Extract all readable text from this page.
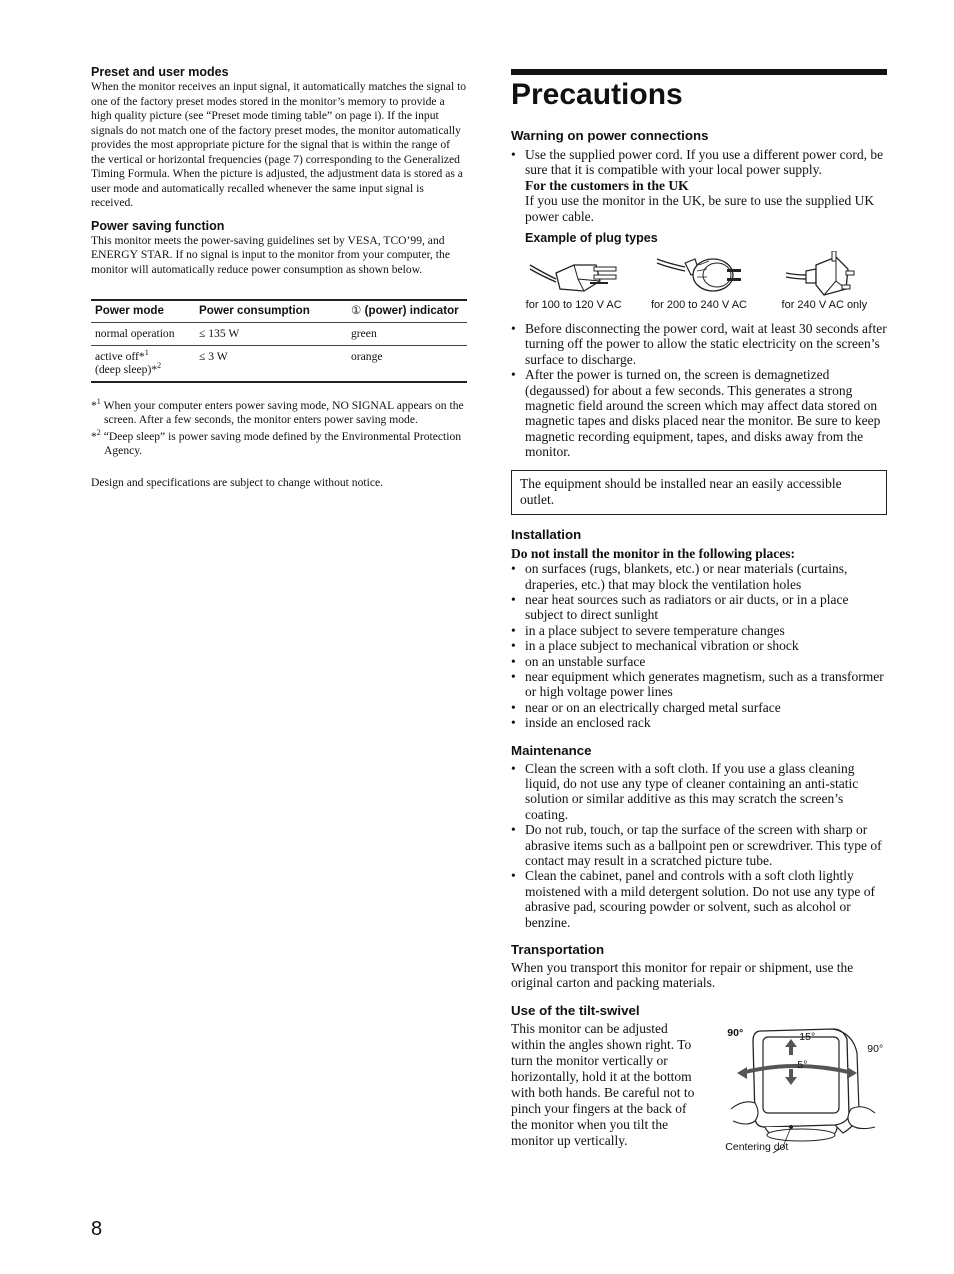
Preset and user modes

When the monitor receives an input signal, it automatically matches the signal to one of the factory preset modes stored in the monitor’s memory to provide a high quality picture (see “Preset mode timing table” on page i). If the input signals do not match one of the factory preset modes, the monitor automatically provides the most appropriate picture for the signal that is within the range of the vertical or horizontal frequencies (page 7) corresponding to the Generalized Timing Formula. When the picture is adjusted, the adjustment data is stored as a user mode and automatically recalled whenever the same input signal is received.

Power saving function

This monitor meets the power-saving guidelines set by VESA, TCO’99, and ENERGY STAR. If no signal is input to the monitor from your computer, the monitor will automatically reduce power consumption as shown below.

Power mode	Power consumption	① (power) indicator
normal operation	≤ 135 W	green
active off*$^1$
(deep sleep)*$^2$	≤ 3 W	orange

*$^1$ When your computer enters power saving mode, NO SIGNAL appears on the screen. After a few seconds, the monitor enters power saving mode.

*$^2$ “Deep sleep” is power saving mode defined by the Environmental Protection Agency.

Design and specifications are subject to change without notice.

Precautions

Warning on power connections

• Use the supplied power cord. If you use a different power cord, be sure that it is compatible with your local power supply.
For the customers in the UK
If you use the monitor in the UK, be sure to use the supplied UK power cable.

Example of plug types

for 100 to 120 V AC	for 200 to 240 V AC	for 240 V AC only
• Before disconnecting the power cord, wait at least 30 seconds after turning off the power to allow the static electricity on the screen’s surface to discharge.
• After the power is turned on, the screen is demagnetized (degaussed) for about a few seconds. This generates a strong magnetic field around the screen which may affect data stored on magnetic tapes and disks placed near the monitor. Be sure to keep magnetic recording equipment, tapes, and disks away from the monitor.
The equipment should be installed near an easily accessible outlet.

Installation

Do not install the monitor in the following places:

• on surfaces (rugs, blankets, etc.) or near materials (curtains, draperies, etc.) that may block the ventilation holes
• near heat sources such as radiators or air ducts, or in a place subject to direct sunlight
• in a place subject to severe temperature changes
• in a place subject to mechanical vibration or shock
• on an unstable surface
• near equipment which generates magnetism, such as a transformer or high voltage power lines
• near or on an electrically charged metal surface
• inside an enclosed rack

Maintenance

• Clean the screen with a soft cloth. If you use a glass cleaning liquid, do not use any type of cleaner containing an anti-static solution or similar additive as this may scratch the screen’s coating.
• Do not rub, touch, or tap the surface of the screen with sharp or abrasive items such as a ballpoint pen or screwdriver. This type of contact may result in a scratched picture tube.
• Clean the cabinet, panel and controls with a soft cloth lightly moistened with a mild detergent solution. Do not use any type of abrasive pad, scouring powder or solvent, such as alcohol or benzine.

Transportation

When you transport this monitor for repair or shipment, use the original carton and packing materials.

Use of the tilt-swivel

This monitor can be adjusted within the angles shown right. To turn the monitor vertically or horizontally, hold it at the bottom with both hands. Be careful not to pinch your fingers at the back of the monitor when you tilt the monitor up vertically.

90°
90°
15°
5°
Centering dot
8
